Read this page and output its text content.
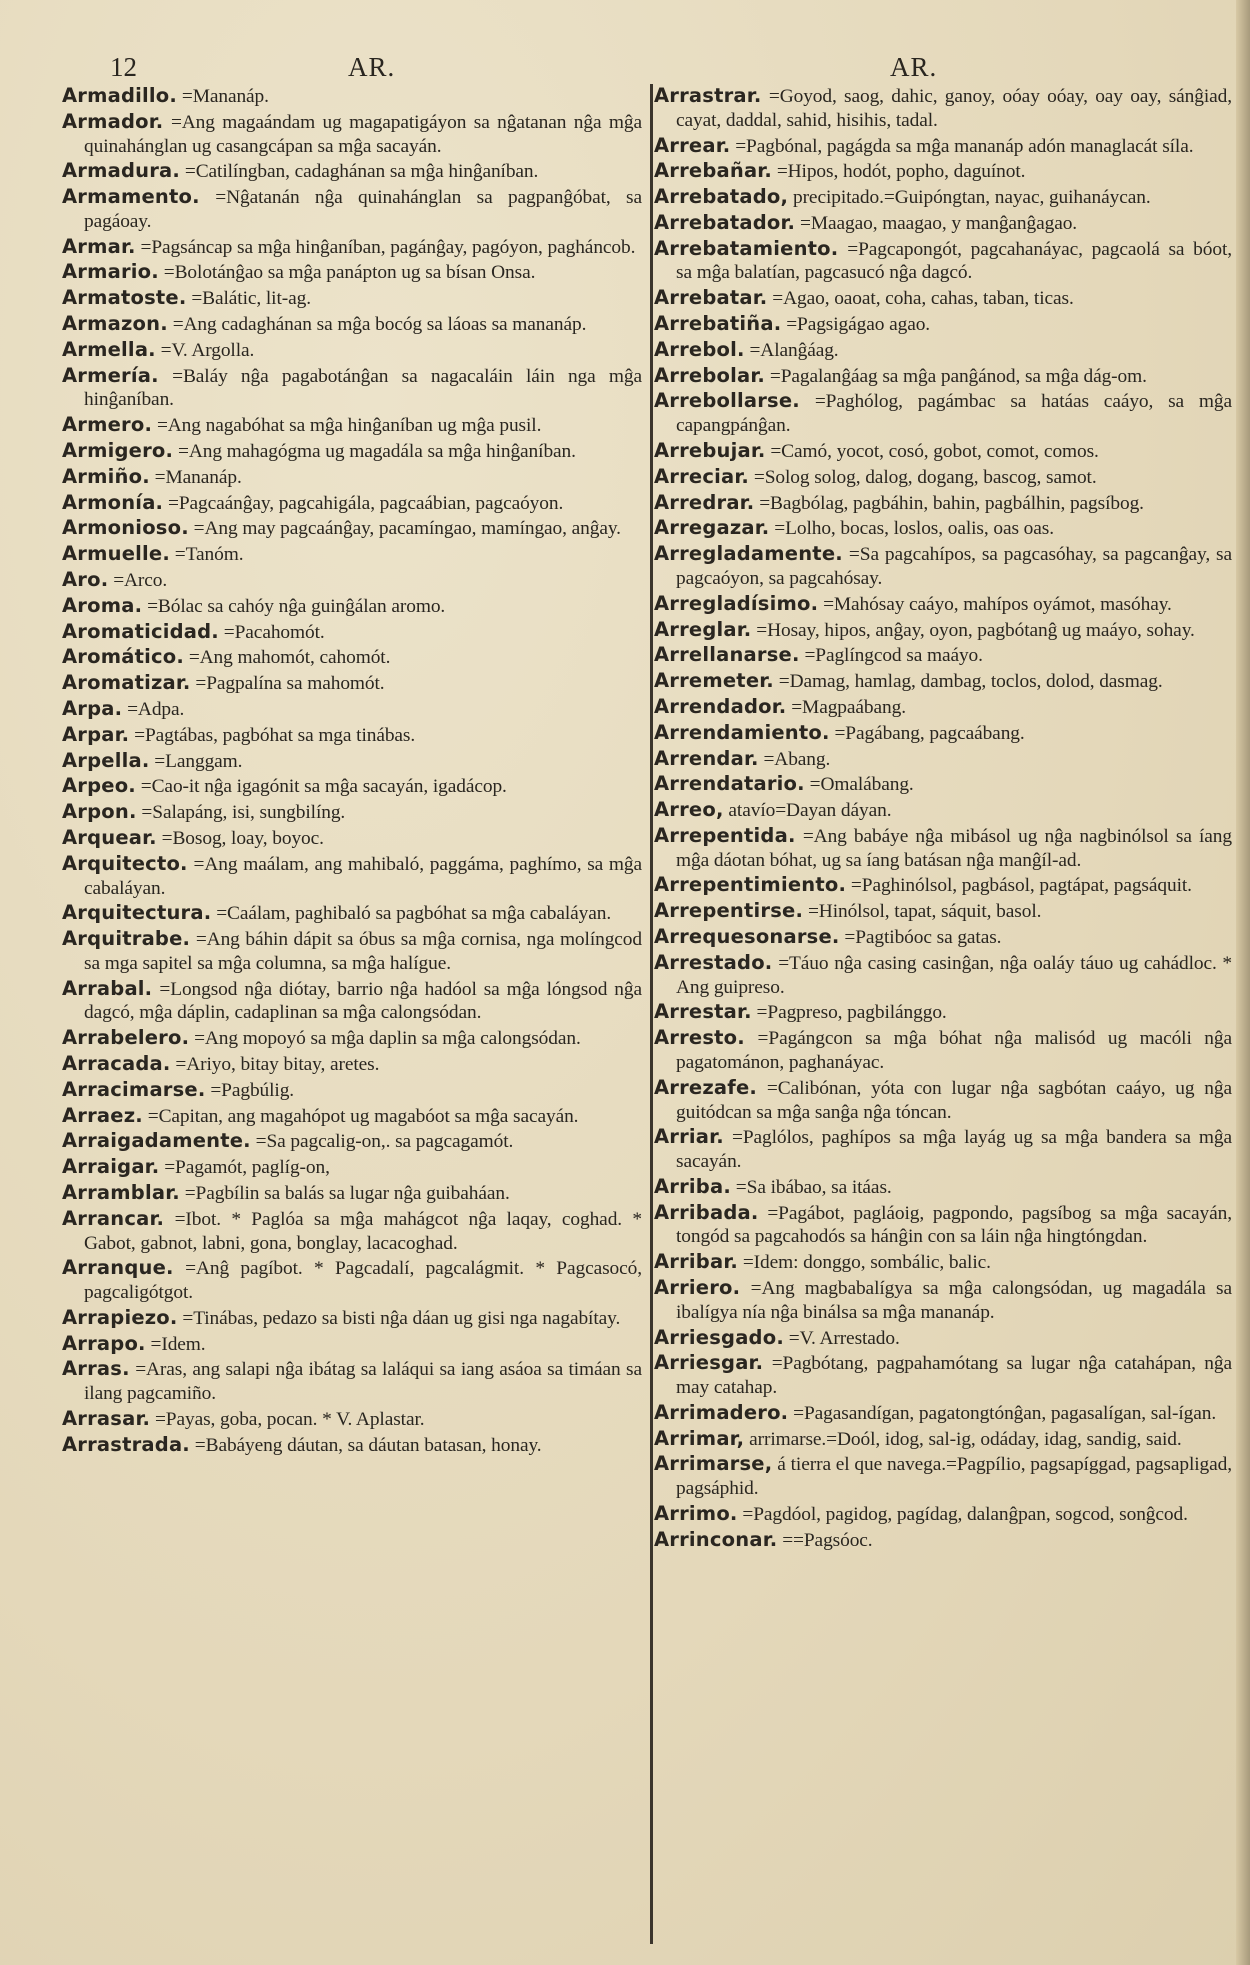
12	AR.	AR.

Armadillo. =Mananáp.

Armador. =Ang magaándam ug magapatigáyon sa nĝatanan nĝa mĝa quinahánglan ug casangcápan sa mĝa sacayán.

Armadura. =Catilíngban, cadaghánan sa mĝa hinĝaníban.

Armamento. =Nĝatanán nĝa quinahánglan sa pagpanĝóbat, sa pagáoay.

Armar. =Pagsáncap sa mĝa hinĝaníban, pagánĝay, pagóyon, pagháncob.

Armario. =Bolotánĝao sa mĝa panápton ug sa bísan Onsa.

Armatoste. =Balátic, lit-ag.

Armazon. =Ang cadaghánan sa mĝa bocóg sa láoas sa mananáp.

Armella. =V. Argolla.

Armería. =Baláy nĝa pagabotánĝan sa nagacaláin láin nga mĝa hinĝaníban.

Armero. =Ang nagabóhat sa mĝa hinĝaníban ug mĝa pusil.

Armigero. =Ang mahagógma ug magadála sa mĝa hinĝaníban.

Armiño. =Mananáp.

Armonía. =Pagcaánĝay, pagcahigála, pagcaábian, pagcaóyon.

Armonioso. =Ang may pagcaánĝay, pacamíngao, mamíngao, anĝay.

Armuelle. =Tanóm.

Aro. =Arco.

Aroma. =Bólac sa cahóy nĝa guinĝálan aromo.

Aromaticidad. =Pacahomót.

Aromático. =Ang mahomót, cahomót.

Aromatizar. =Pagpalína sa mahomót.

Arpa. =Adpa.

Arpar. =Pagtábas, pagbóhat sa mga tinábas.

Arpella. =Langgam.

Arpeo. =Cao-it nĝa igagónit sa mĝa sacayán, igadácop.

Arpon. =Salapáng, isi, sungbilíng.

Arquear. =Bosog, loay, boyoc.

Arquitecto. =Ang maálam, ang mahibaló, paggáma, paghímo, sa mĝa cabaláyan.

Arquitectura. =Caálam, paghibaló sa pagbóhat sa mĝa cabaláyan.

Arquitrabe. =Ang báhin dápit sa óbus sa mĝa cornisa, nga molíngcod sa mga sapitel sa mĝa columna, sa mĝa halígue.

Arrabal. =Longsod nĝa diótay, barrio nĝa hadóol sa mĝa lóngsod nĝa dagcó, mĝa dáplin, cadaplinan sa mĝa calongsódan.

Arrabelero. =Ang mopoyó sa mĝa daplin sa mĝa calongsódan.

Arracada. =Ariyo, bitay bitay, aretes.

Arracimarse. =Pagbúlig.

Arraez. =Capitan, ang magahópot ug magabóot sa mĝa sacayán.

Arraigadamente. =Sa pagcalig-on,. sa pagcagamót.

Arraigar. =Pagamót, paglíg-on,

Arramblar. =Pagbílin sa balás sa lugar nĝa guibaháan.

Arrancar. =Ibot. * Paglóa sa mĝa mahágcot nĝa laqay, coghad. * Gabot, gabnot, labni, gona, bonglay, lacacoghad.

Arranque. =Anĝ pagíbot. * Pagcadalí, pagcalágmit. * Pagcasocó, pagcaligótgot.

Arrapiezo. =Tinábas, pedazo sa bisti nĝa dáan ug gisi nga nagabítay.

Arrapo. =Idem.

Arras. =Aras, ang salapi nĝa ibátag sa laláqui sa iang asáoa sa timáan sa ilang pagcamiño.

Arrasar. =Payas, goba, pocan. * V. Aplastar.

Arrastrada. =Babáyeng dáutan, sa dáutan batasan, honay.

Arrastrar. =Goyod, saog, dahic, ganoy, oóay oóay, oay oay, sánĝiad, cayat, daddal, sahid, hisihis, tadal.

Arrear. =Pagbónal, pagágda sa mĝa mananáp adón managlacát síla.

Arrebañar. =Hipos, hodót, popho, daguínot.

Arrebatado, precipitado.=Guipóngtan, nayac, guihanáycan.

Arrebatador. =Maagao, maagao, y manĝanĝagao.

Arrebatamiento. =Pagcapongót, pagcahanáyac, pagcaolá sa bóot, sa mĝa balatían, pagcasucó nĝa dagcó.

Arrebatar. =Agao, oaoat, coha, cahas, taban, ticas.

Arrebatiña. =Pagsigágao agao.

Arrebol. =Alanĝáag.

Arrebolar. =Pagalanĝáag sa mĝa panĝánod, sa mĝa dág-om.

Arrebollarse. =Paghólog, pagámbac sa hatáas caáyo, sa mĝa capangpánĝan.

Arrebujar. =Camó, yocot, cosó, gobot, comot, comos.

Arreciar. =Solog solog, dalog, dogang, bascog, samot.

Arredrar. =Bagbólag, pagbáhin, bahin, pagbálhin, pagsíbog.

Arregazar. =Lolho, bocas, loslos, oalis, oas oas.

Arregladamente. =Sa pagcahípos, sa pagcasóhay, sa pagcanĝay, sa pagcaóyon, sa pagcahósay.

Arregladísimo. =Mahósay caáyo, mahípos oyámot, masóhay.

Arreglar. =Hosay, hipos, anĝay, oyon, pagbótanĝ ug maáyo, sohay.

Arrellanarse. =Paglíngcod sa maáyo.

Arremeter. =Damag, hamlag, dambag, toclos, dolod, dasmag.

Arrendador. =Magpaábang.

Arrendamiento. =Pagábang, pagcaábang.

Arrendar. =Abang.

Arrendatario. =Omalábang.

Arreo, atavío=Dayan dáyan.

Arrepentida. =Ang babáye nĝa mibásol ug nĝa nagbinólsol sa íang mĝa dáotan bóhat, ug sa íang batásan nĝa manĝíl-ad.

Arrepentimiento. =Paghinólsol, pagbásol, pagtápat, pagsáquit.

Arrepentirse. =Hinólsol, tapat, sáquit, basol.

Arrequesonarse. =Pagtibóoc sa gatas.

Arrestado. =Táuo nĝa casing casinĝan, nĝa oaláy táuo ug cahádloc. * Ang guipreso.

Arrestar. =Pagpreso, pagbilánggo.

Arresto. =Pagángcon sa mĝa bóhat nĝa malisód ug macóli nĝa pagatománon, paghanáyac.

Arrezafe. =Calibónan, yóta con lugar nĝa sagbótan caáyo, ug nĝa guitódcan sa mĝa sanĝa nĝa tóncan.

Arriar. =Paglólos, paghípos sa mĝa layág ug sa mĝa bandera sa mĝa sacayán.

Arriba. =Sa ibábao, sa itáas.

Arribada. =Pagábot, pagláoig, pagpondo, pagsíbog sa mĝa sacayán, tongód sa pagcahodós sa hánĝin con sa láin nĝa hingtóngdan.

Arribar. =Idem: donggo, sombálic, balic.

Arriero. =Ang magbabalígya sa mĝa calongsódan, ug magadála sa ibalígya nía nĝa binálsa sa mĝa mananáp.

Arriesgado. =V. Arrestado.

Arriesgar. =Pagbótang, pagpahamótang sa lugar nĝa catahápan, nĝa may catahap.

Arrimadero. =Pagasandígan, pagatongtónĝan, pagasalígan, sal-ígan.

Arrimar, arrimarse.=Doól, idog, sal-ig, odáday, idag, sandig, said.

Arrimarse, á tierra el que navega.=Pagpílio, pagsapíggad, pagsapligad, pagsáphid.

Arrimo. =Pagdóol, pagidog, pagídag, dalanĝpan, sogcod, sonĝcod.

Arrinconar. ==Pagsóoc.
